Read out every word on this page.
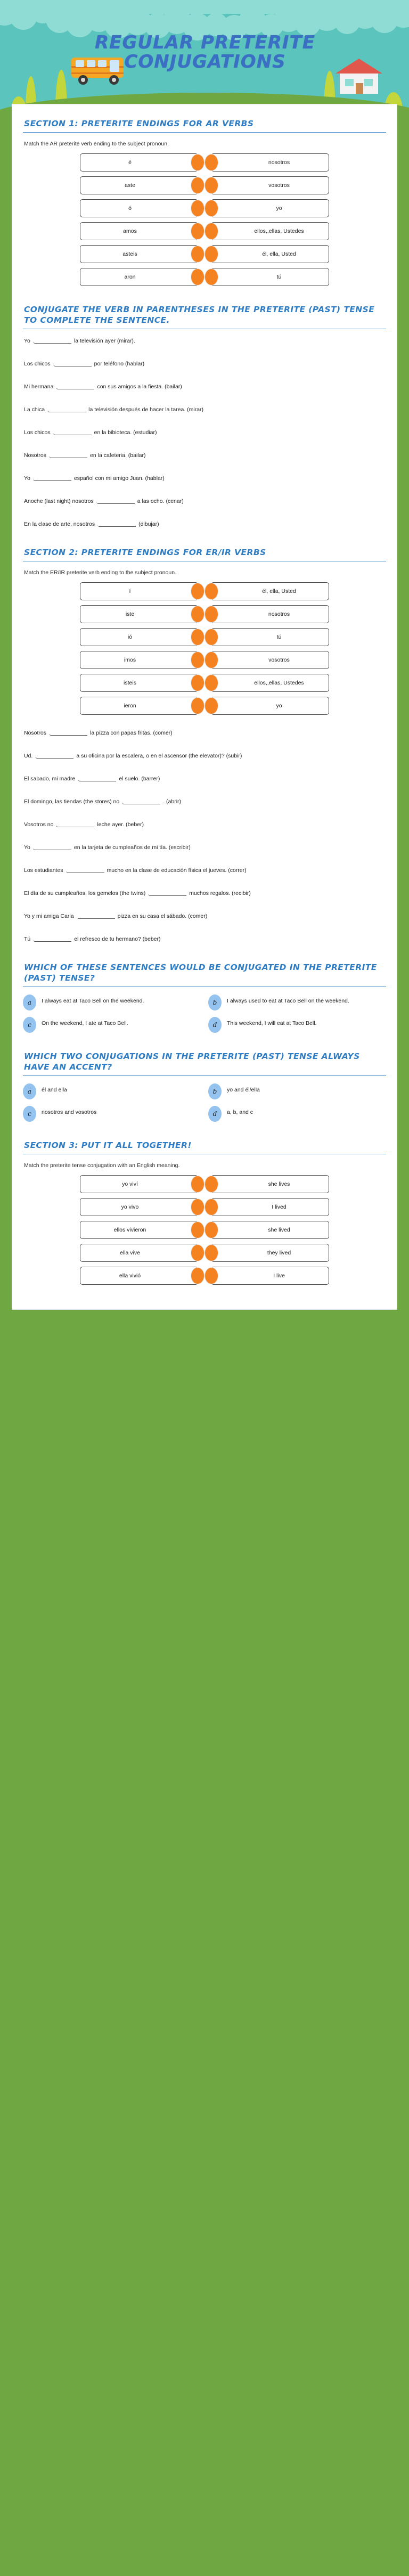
REGULAR PRETERITE
CONJUGATIONS
SECTION 1: PRETERITE ENDINGS FOR AR VERBS

Match the AR preterite verb ending to the subject pronoun.

é	nosotros
aste	vosotros
ó	yo
amos	ellos,,ellas, Ustedes
asteis	él, ella, Usted
aron	tú
CONJUGATE THE VERB IN PARENTHESES IN THE PRETERITE (PAST) TENSE TO COMPLETE THE SENTENCE.
Yo	la televisión ayer (mirar).
Los chicos	por teléfono (hablar)
Mi hermana	con sus amigos a la fiesta. (bailar)
La chica	la televisión después de hacer la tarea. (mirar)
Los chicos	en la bibioteca. (estudiar)
Nosotros	en la cafeteria. (bailar)
Yo	español con mi amigo Juan. (hablar)
Anoche (last night) nosotros	a las ocho. (cenar)
En la clase de arte, nosotros	(dibujar)
SECTION 2: PRETERITE ENDINGS FOR ER/IR VERBS

Match the ER/IR preterite verb ending to the subject pronoun.

í	él, ella, Usted
iste	nosotros
ió	tú
imos	vosotros
isteis	ellos,,ellas, Ustedes
ieron	yo
Nosotros	la pizza con papas fritas. (comer)
Ud.	a su oficina por la escalera, o en el ascensor (the elevator)? (subir)
El sabado, mi madre	el suelo. (barrer)
El domingo, las tiendas (the stores) no	. (abrir)
Vosotros no	leche ayer. (beber)
Yo	en la tarjeta de cumpleaños de mi tía. (escribir)
Los estudiantes	mucho en la clase de educación física el jueves. (correr)
El día de su cumpleaños, los gemelos (the twins)	muchos regalos. (recibir)
Yo y mi amiga Carla	pizza en su casa el sábado. (comer)
Tú	el refresco de tu hermano? (beber)
WHICH OF THESE SENTENCES WOULD BE CONJUGATED IN THE PRETERITE (PAST) TENSE?
a	I always eat at Taco Bell on the weekend.	b	I always used to eat at Taco Bell on the weekend.
c	On the weekend, I ate at Taco Bell.	d	This weekend, I will eat at Taco Bell.
WHICH TWO CONJUGATIONS IN THE PRETERITE (PAST) TENSE ALWAYS HAVE AN ACCENT?
a	él and ella	b	yo and él/ella
c	nosotros and vosotros	d	a, b, and c
SECTION 3: PUT IT ALL TOGETHER!

Match the preterite tense conjugation with an English meaning.

yo viví	she lives
yo vivo	I lived
ellos vivieron	she lived
ella vive	they lived
ella vivió	I live
